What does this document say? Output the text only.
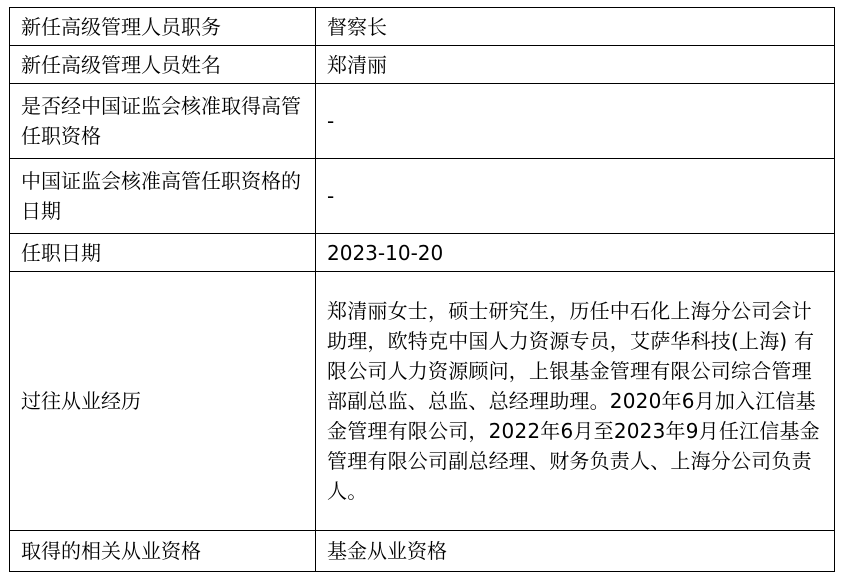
新任高级管理人员职务	督察长
新任高级管理人员姓名	郑清丽
是否经中国证监会核准取得高管任职资格	-
中国证监会核准高管任职资格的日期	-
任职日期	2023-10-20
过往从业经历	郑清丽女士，硕士研究生，历任中石化上海分公司会计助理，欧特克中国人力资源专员，艾萨华科技(上海) 有限公司人力资源顾问，上银基金管理有限公司综合管理部副总监、总监、总经理助理。2020年6月加入江信基金管理有限公司，2022年6月至2023年9月任江信基金管理有限公司副总经理、财务负责人、上海分公司负责人。
取得的相关从业资格	基金从业资格
